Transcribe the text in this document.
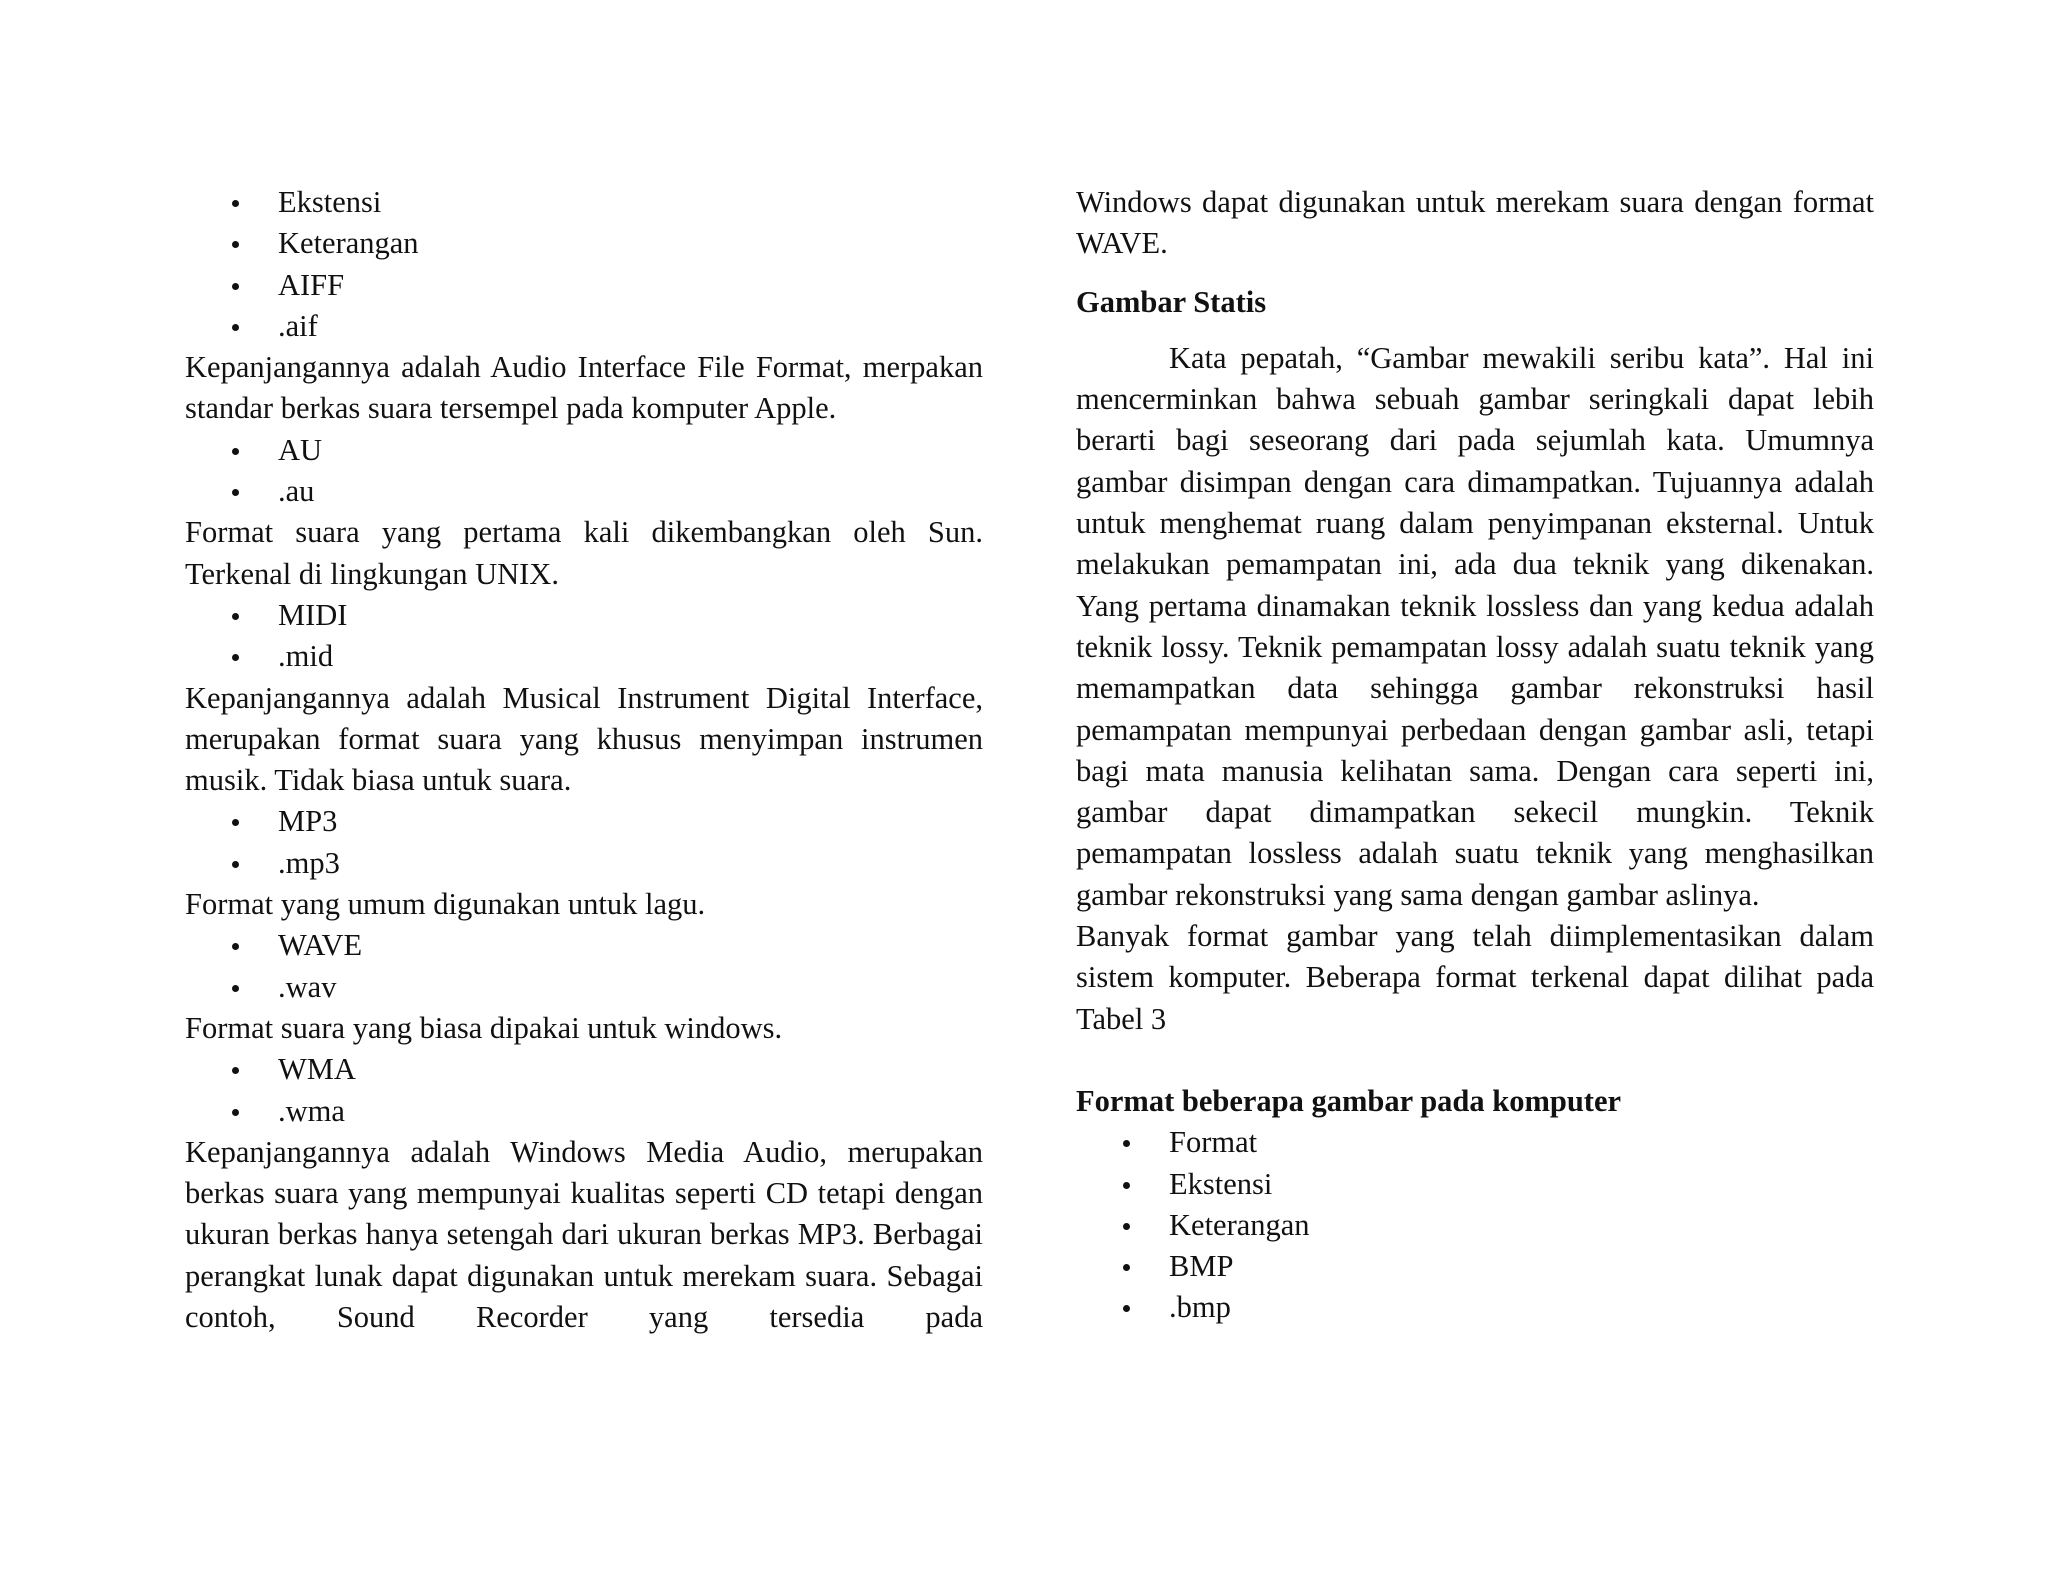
Ekstensi
Keterangan
AIFF
.aif

Kepanjangannya adalah Audio Interface File Format, merpakan standar berkas suara tersempel pada komputer Apple.

AU
.au

Format suara yang pertama kali dikembangkan oleh Sun. Terkenal di lingkungan UNIX.

MIDI
.mid

Kepanjangannya adalah Musical Instrument Digital Interface, merupakan format suara yang khusus menyimpan instrumen musik. Tidak biasa untuk suara.

MP3
.mp3

Format yang umum digunakan untuk lagu.

WAVE
.wav

Format suara yang biasa dipakai untuk windows.

WMA
.wma

Kepanjangannya adalah Windows Media Audio, merupakan berkas suara yang mempunyai kualitas seperti CD tetapi dengan ukuran berkas hanya setengah dari ukuran berkas MP3. Berbagai perangkat lunak dapat digunakan untuk merekam suara. Sebagai contoh, Sound Recorder yang tersedia pada

Windows dapat digunakan untuk merekam suara dengan format WAVE.

Gambar Statis

Kata pepatah, “Gambar mewakili seribu kata”. Hal ini mencerminkan bahwa sebuah gambar seringkali dapat lebih berarti bagi seseorang dari pada sejumlah kata. Umumnya gambar disimpan dengan cara dimampatkan. Tujuannya adalah untuk menghemat ruang dalam penyimpanan eksternal. Untuk melakukan pemampatan ini, ada dua teknik yang dikenakan. Yang pertama dinamakan teknik lossless dan yang kedua adalah teknik lossy. Teknik pemampatan lossy adalah suatu teknik yang memampatkan data sehingga gambar rekonstruksi hasil pemampatan mempunyai perbedaan dengan gambar asli, tetapi bagi mata manusia kelihatan sama. Dengan cara seperti ini, gambar dapat dimampatkan sekecil mungkin. Teknik pemampatan lossless adalah suatu teknik yang menghasilkan gambar rekonstruksi yang sama dengan gambar aslinya.

Banyak format gambar yang telah diimplementasikan dalam sistem komputer. Beberapa format terkenal dapat dilihat pada Tabel 3

Format beberapa gambar pada komputer

Format
Ekstensi
Keterangan
BMP
.bmp
